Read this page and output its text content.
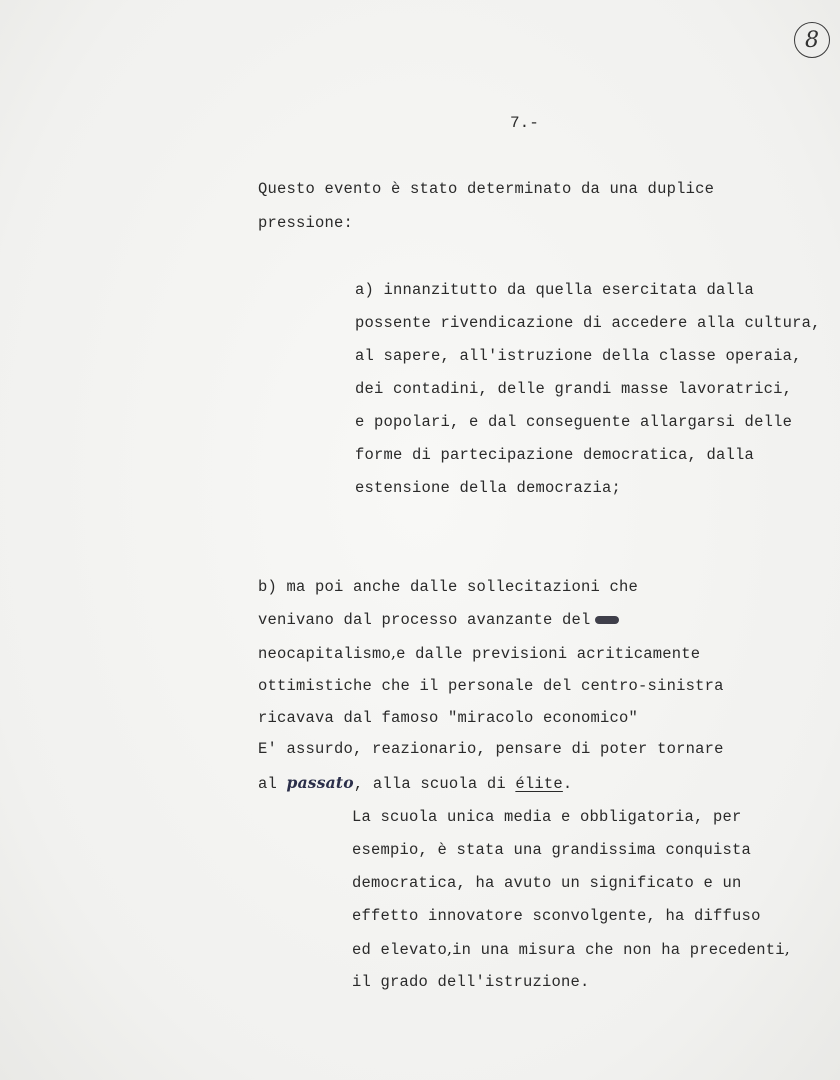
8
7.-
Questo evento è stato determinato da una duplice
pressione:
a) innanzitutto da quella esercitata dalla
possente rivendicazione di accedere alla cultura,
al sapere, all'istruzione della classe operaia,
dei contadini, delle grandi masse lavoratrici,
e popolari, e dal conseguente allargarsi delle
forme di partecipazione democratica, dalla
estensione della democrazia;
b) ma poi anche dalle sollecitazioni che
venivano dal processo avanzante del
neocapitalismo,e dalle previsioni acriticamente
ottimistiche che il personale del centro-sinistra
ricavava dal famoso "miracolo economico"
E' assurdo, reazionario, pensare di poter tornare
al passato, alla scuola di élite.
La scuola unica media e obbligatoria, per
esempio, è stata una grandissima conquista
democratica, ha avuto un significato e un
effetto innovatore sconvolgente, ha diffuso
ed elevato,in una misura che non ha precedenti,
il grado dell'istruzione.
